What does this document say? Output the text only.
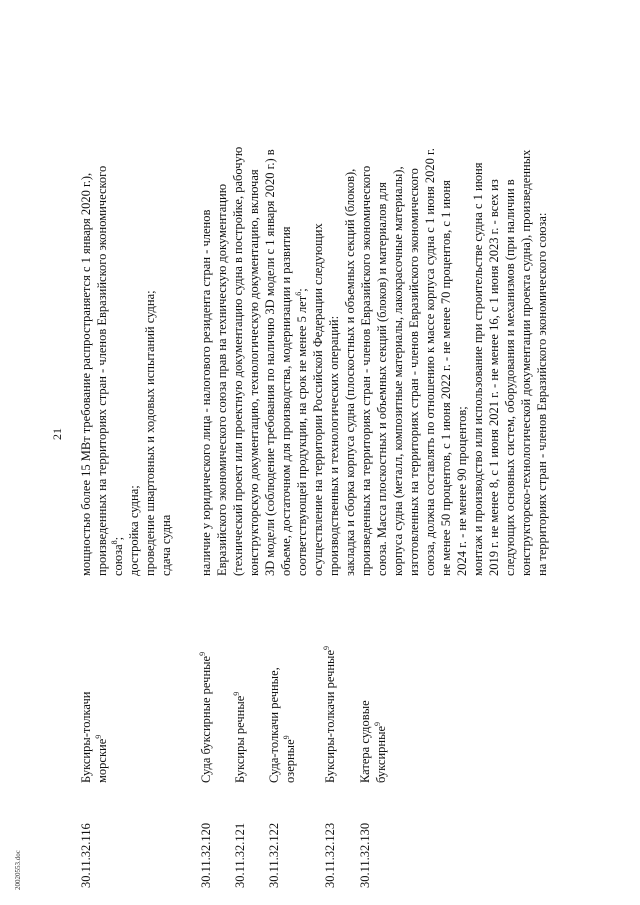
21
20020553.doc	30.11.32.116
Буксиры-толкачи морские$^9$

мощностью более 15 МВт требование распространяется с 1 января 2020 г.), произведенных на территориях стран - членов Евразийского экономического союза$^8$; достройка судна; проведение швартовных и ходовых испытаний судна; сдача судна

30.11.32.120
Суда буксирные речные$^9$

наличие у юридического лица - налогового резидента стран - членов Евразийского экономического союза прав на техническую документацию (технический проект или проектную документацию судна в постройке, рабочую конструкторскую документацию, технологическую документацию, включая 3D модели (соблюдение требования по наличию 3D модели с 1 января 2020 г.) в объеме, достаточном для производства, модернизации и развития соответствующей продукции, на срок не менее 5 лет$^6$; осуществление на территории Российской Федерации следующих производственных и технологических операций: закладка и сборка корпуса судна (плоскостных и объемных секций (блоков), произведенных на территориях стран - членов Евразийского экономического союза. Масса плоскостных и объемных секций (блоков) и материалов для корпуса судна (металл, композитные материалы, лакокрасочные материалы), изготовленных на территориях стран - членов Евразийского экономического союза, должна составлять по отношению к массе корпуса судна с 1 июня 2020 г. не менее 50 процентов, с 1 июня 2022 г. - не менее 70 процентов, с 1 июня 2024 г. - не менее 90 процентов; монтаж и производство или использование при строительстве судна с 1 июня 2019 г. не менее 8, с 1 июня 2021 г. - не менее 16, с 1 июня 2023 г. - всех из следующих основных систем, оборудования и механизмов (при наличии в конструкторско-технологической документации проекта судна), произведенных на территориях стран - членов Евразийского экономического союза:

30.11.32.121
Буксиры речные$^9$
30.11.32.122
Суда-толкачи речные, озерные$^9$
30.11.32.123
Буксиры-толкачи речные$^9$
30.11.32.130
Катера судовые буксирные$^9$
